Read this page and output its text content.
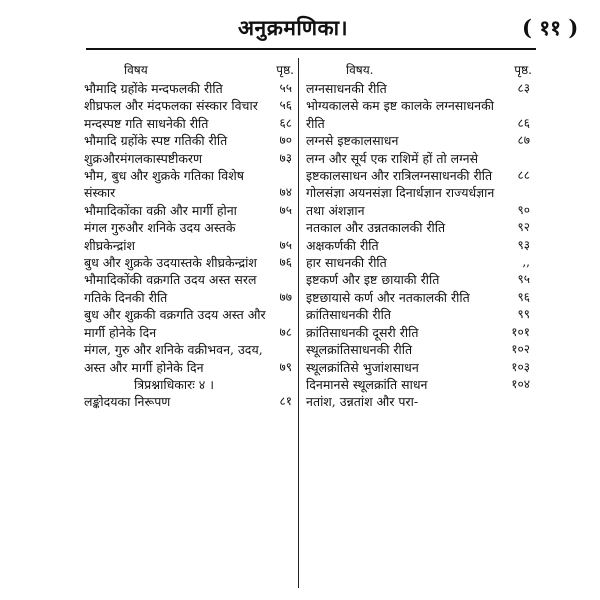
अनुक्रमणिका।	( ११ )
विषय	पृष्ठ.
भौमादि ग्रहोंके मन्दफलकी रीति	५५
शीघ्रफल और मंदफलका संस्कार विचार	५६
मन्दस्पष्ट गति साधनेकी रीति	६८
भौमादि ग्रहोंके स्पष्ट गतिकी रीति	७०
शुक्रऔरमंगलकास्पष्टीकरण	७३
भौम, बुध और शुक्रके गतिका विशेष संस्कार	७४
भौमादिकोंका वक्री और मार्गी होना	७५
मंगल गुरुऔर शनिके उदय अस्तके शीघ्रकेन्द्रांश	७५
बुध और शुक्रके उदयास्तके शीघ्रकेन्द्रांश	७६
भौमादिकोंकी वक्रगति उदय अस्त सरल गतिके दिनकी रीति	७७
बुध और शुक्रकी वक्रगति उदय अस्त और मार्गी होनेके दिन	७८
मंगल, गुरु और शनिके वक्रीभवन, उदय, अस्त और मार्गी होनेके दिन	७९
त्रिप्रश्नाधिकारः ४ ।
लङ्कोदयका निरूपण	८१
विषय.	पृष्ठ.
लग्नसाधनकी रीति	८३
भोग्यकालसे कम इष्ट कालके लग्नसाधनकी रीति	८६
लग्नसे इष्टकालसाधन	८७
लग्न और सूर्य एक राशिमें हों तो लग्नसे इष्टकालसाधन और रात्रिलग्नसाधनकी रीति	८८
गोलसंज्ञा अयनसंज्ञा दिनार्धज्ञान राज्यर्धज्ञान तथा अंशज्ञान	९०
नतकाल और उन्नतकालकी रीति	९२
अक्षकर्णकी रीति	९३
हार साधनकी रीति	,,
इष्टकर्ण और इष्ट छायाकी रीति	९५
इष्टछायासे कर्ण और नतकालकी रीति	९६
क्रांतिसाधनकी रीति	९९
क्रांतिसाधनकी दूसरी रीति	१०१
स्थूलक्रांतिसाधनकी रीति	१०२
स्थूलक्रांतिसे भुजांशसाधन	१०३
दिनमानसे स्थूलक्रांति साधन	१०४
नतांश, उन्नतांश और परा-
